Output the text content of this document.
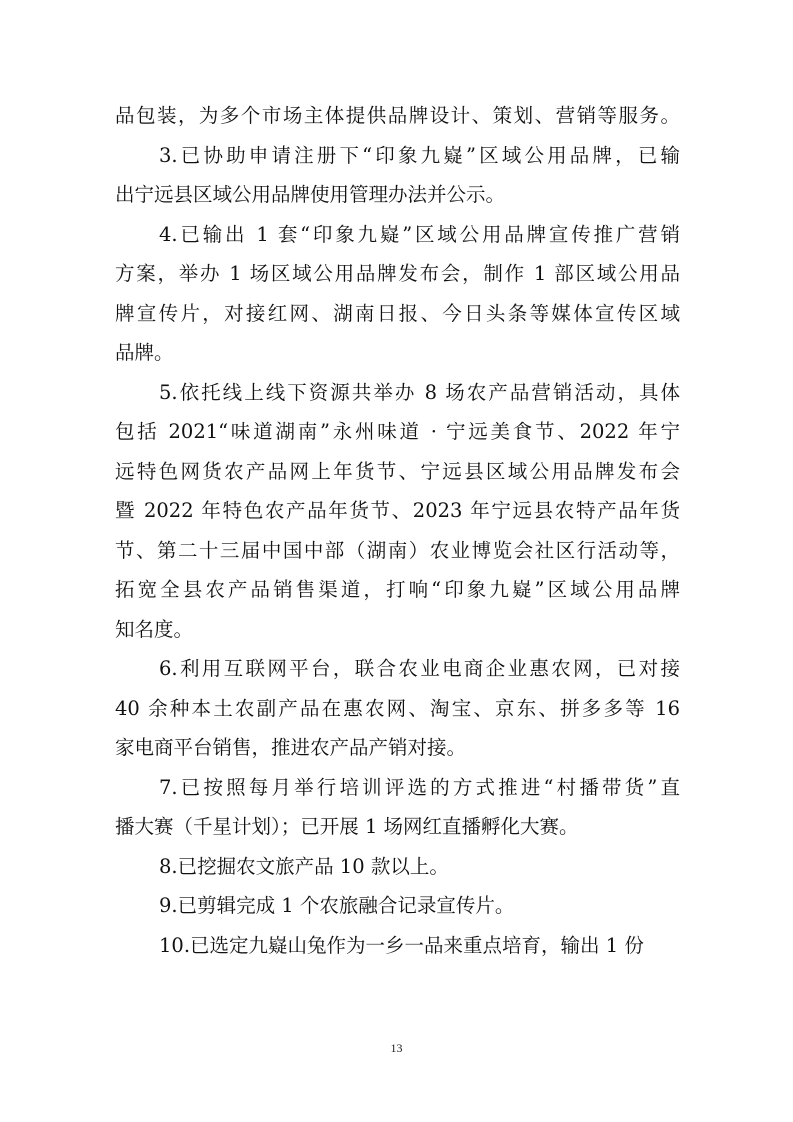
品包装，为多个市场主体提供品牌设计、策划、营销等服务。
3.已协助申请注册下“印象九嶷”区域公用品牌，已输
出宁远县区域公用品牌使用管理办法并公示。
4.已输出 1 套“印象九嶷”区域公用品牌宣传推广营销
方案，举办 1 场区域公用品牌发布会，制作 1 部区域公用品
牌宣传片，对接红网、湖南日报、今日头条等媒体宣传区域
品牌。
5.依托线上线下资源共举办 8 场农产品营销活动，具体
包括 2021“味道湖南”永州味道 · 宁远美食节、2022 年宁
远特色网货农产品网上年货节、宁远县区域公用品牌发布会
暨 2022 年特色农产品年货节、2023 年宁远县农特产品年货
节、第二十三届中国中部（湖南）农业博览会社区行活动等，
拓宽全县农产品销售渠道，打响“印象九嶷”区域公用品牌
知名度。
6.利用互联网平台，联合农业电商企业惠农网，已对接
40 余种本土农副产品在惠农网、淘宝、京东、拼多多等 16
家电商平台销售，推进农产品产销对接。
7.已按照每月举行培训评选的方式推进“村播带货”直
播大赛（千星计划）；已开展 1 场网红直播孵化大赛。
8.已挖掘农文旅产品 10 款以上。
9.已剪辑完成 1 个农旅融合记录宣传片。
10.已选定九嶷山兔作为一乡一品来重点培育，输出 1 份
13
